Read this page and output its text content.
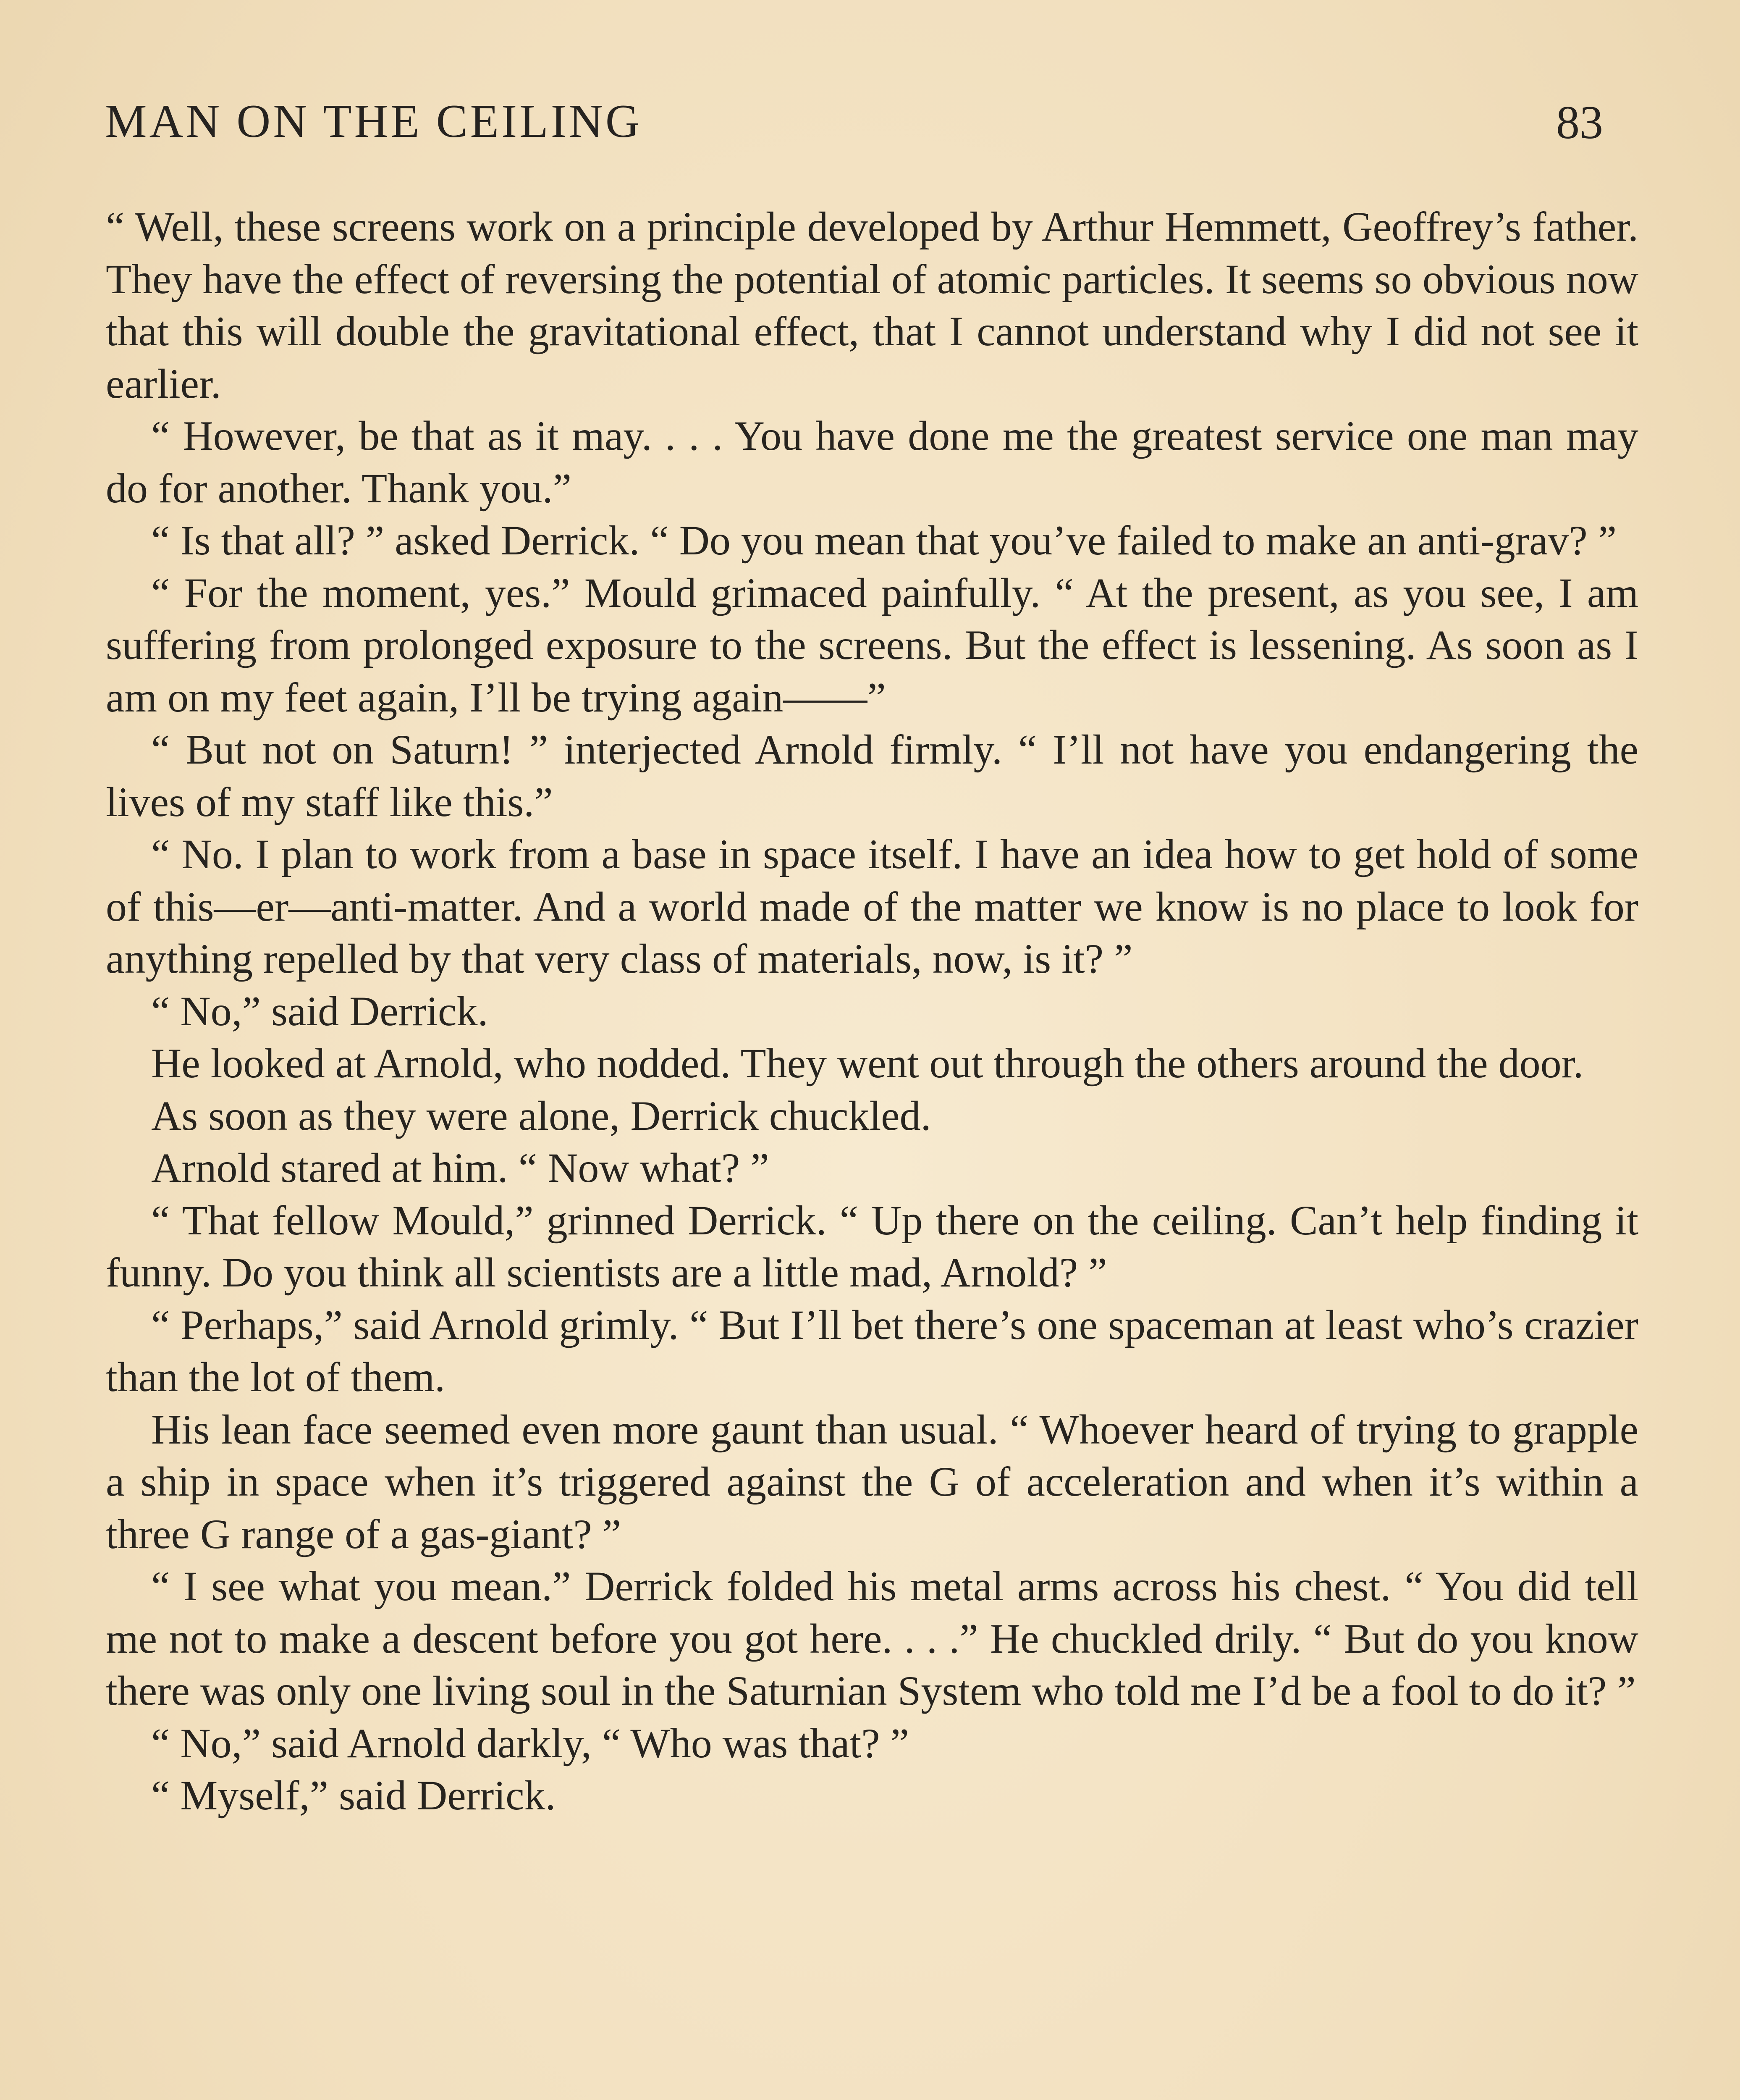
MAN ON THE CEILING	83

“ Well, these screens work on a principle developed by Arthur Hemmett, Geoffrey’s father. They have the effect of reversing the potential of atomic particles. It seems so obvious now that this will double the gravitational effect, that I cannot understand why I did not see it earlier.

“ However, be that as it may. . . . You have done me the greatest service one man may do for another. Thank you.”

“ Is that all? ” asked Derrick. “ Do you mean that you’ve failed to make an anti-grav? ”

“ For the moment, yes.” Mould grimaced painfully. “ At the present, as you see, I am suffering from prolonged exposure to the screens. But the effect is lessening. As soon as I am on my feet again, I’ll be trying again——”

“ But not on Saturn! ” interjected Arnold firmly. “ I’ll not have you endangering the lives of my staff like this.”

“ No. I plan to work from a base in space itself. I have an idea how to get hold of some of this—er—anti-matter. And a world made of the matter we know is no place to look for anything repelled by that very class of materials, now, is it? ”

“ No,” said Derrick.

He looked at Arnold, who nodded. They went out through the others around the door.

As soon as they were alone, Derrick chuckled.

Arnold stared at him. “ Now what? ”

“ That fellow Mould,” grinned Derrick. “ Up there on the ceiling. Can’t help finding it funny. Do you think all scientists are a little mad, Arnold? ”

“ Perhaps,” said Arnold grimly. “ But I’ll bet there’s one spaceman at least who’s crazier than the lot of them.

His lean face seemed even more gaunt than usual. “ Whoever heard of trying to grapple a ship in space when it’s triggered against the G of acceleration and when it’s within a three G range of a gas-giant? ”

“ I see what you mean.” Derrick folded his metal arms across his chest. “ You did tell me not to make a descent before you got here. . . .” He chuckled drily. “ But do you know there was only one living soul in the Saturnian System who told me I’d be a fool to do it? ”

“ No,” said Arnold darkly, “ Who was that? ”

“ Myself,” said Derrick.
